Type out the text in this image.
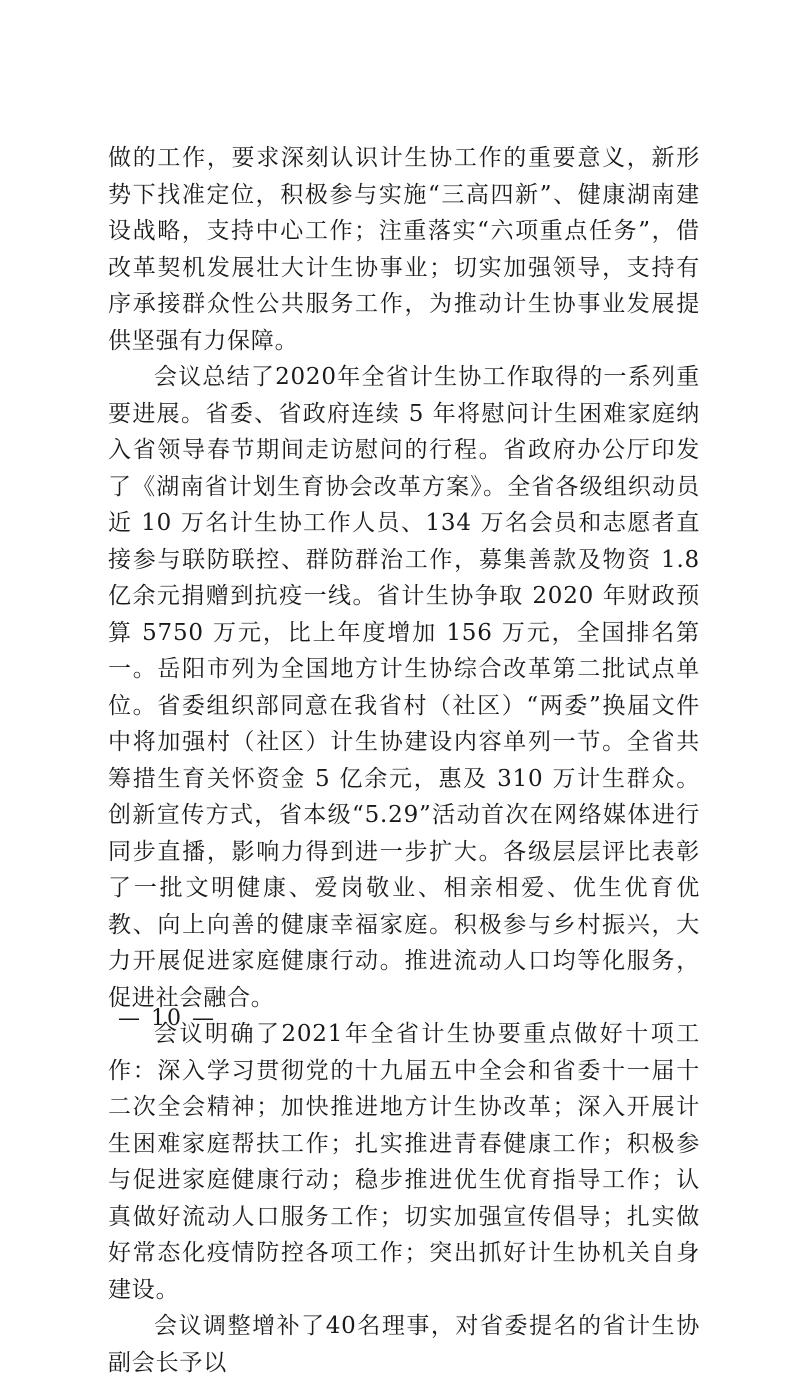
做的工作，要求深刻认识计生协工作的重要意义，新形势下找准定位，积极参与实施“三高四新”、健康湖南建设战略，支持中心工作；注重落实“六项重点任务”，借改革契机发展壮大计生协事业；切实加强领导，支持有序承接群众性公共服务工作，为推动计生协事业发展提供坚强有力保障。

会议总结了2020年全省计生协工作取得的一系列重要进展。省委、省政府连续 5 年将慰问计生困难家庭纳入省领导春节期间走访慰问的行程。省政府办公厅印发了《湖南省计划生育协会改革方案》。全省各级组织动员近 10 万名计生协工作人员、134 万名会员和志愿者直接参与联防联控、群防群治工作，募集善款及物资 1.8 亿余元捐赠到抗疫一线。省计生协争取 2020 年财政预算 5750 万元，比上年度增加 156 万元，全国排名第一。岳阳市列为全国地方计生协综合改革第二批试点单位。省委组织部同意在我省村（社区）“两委”换届文件中将加强村（社区）计生协建设内容单列一节。全省共筹措生育关怀资金 5 亿余元，惠及 310 万计生群众。创新宣传方式，省本级“5.29”活动首次在网络媒体进行同步直播，影响力得到进一步扩大。各级层层评比表彰了一批文明健康、爱岗敬业、相亲相爱、优生优育优教、向上向善的健康幸福家庭。积极参与乡村振兴，大力开展促进家庭健康行动。推进流动人口均等化服务，促进社会融合。

会议明确了2021年全省计生协要重点做好十项工作：深入学习贯彻党的十九届五中全会和省委十一届十二次全会精神；加快推进地方计生协改革；深入开展计生困难家庭帮扶工作；扎实推进青春健康工作；积极参与促进家庭健康行动；稳步推进优生优育指导工作；认真做好流动人口服务工作；切实加强宣传倡导；扎实做好常态化疫情防控各项工作；突出抓好计生协机关自身建设。

会议调整增补了40名理事，对省委提名的省计生协副会长予以

— 10 —
